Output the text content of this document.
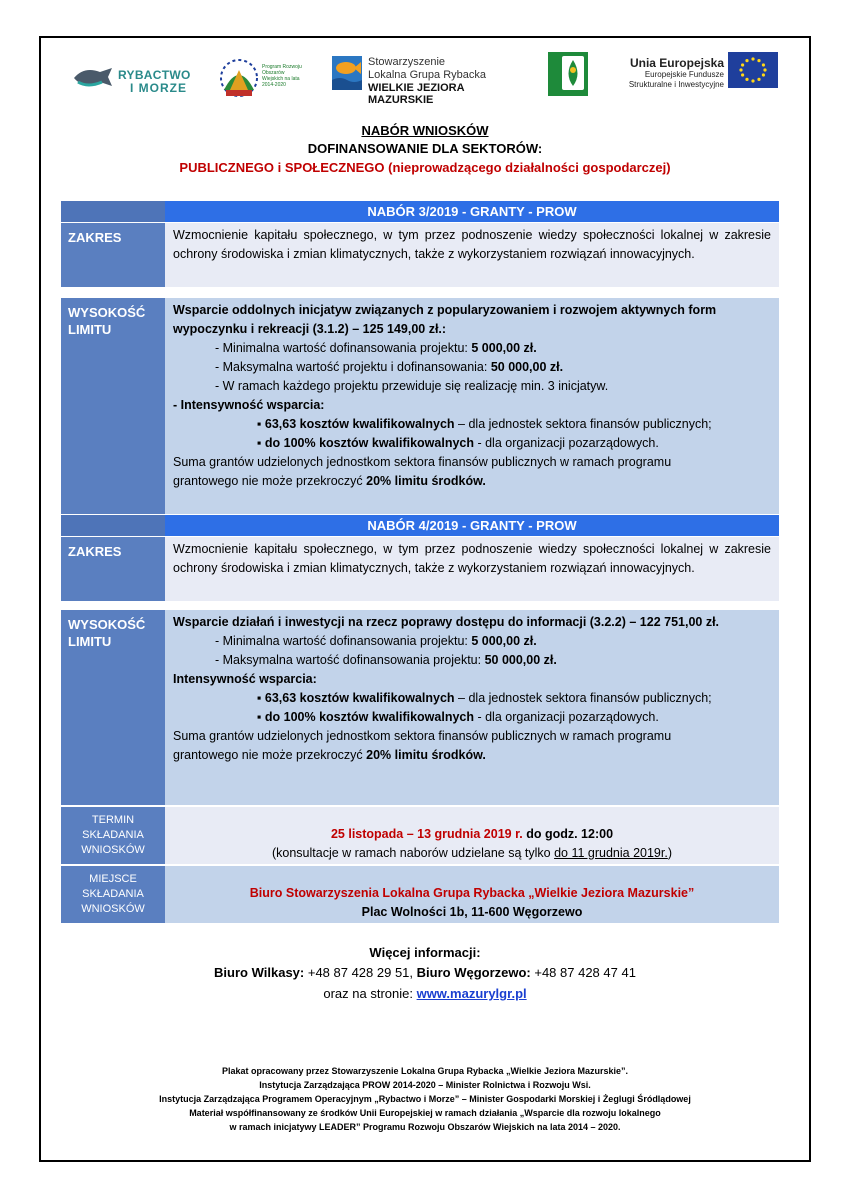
RYBACTWO
I MORZE
Program Rozwoju Obszarów Wiejskich na lata 2014-2020
Stowarzyszenie
Lokalna Grupa Rybacka
WIELKIE JEZIORA MAZURSKIE
Unia Europejska
Europejskie Fundusze
Strukturalne i Inwestycyjne
NABÓR WNIOSKÓW
DOFINANSOWANIE DLA SEKTORÓW:
PUBLICZNEGO i SPOŁECZNEGO (nieprowadzącego działalności gospodarczej)
NABÓR 3/2019 - GRANTY - PROW
ZAKRES	Wzmocnienie kapitału społecznego, w tym przez podnoszenie wiedzy społeczności lokalnej w zakresie ochrony środowiska i zmian klimatycznych, także z wykorzystaniem rozwiązań innowacyjnych.
WYSOKOŚĆ
LIMITU
Wsparcie oddolnych inicjatyw związanych z popularyzowaniem i rozwojem aktywnych form wypoczynku i rekreacji (3.1.2) – 125 149,00 zł.:
- Minimalna wartość dofinansowania projektu: 5 000,00 zł.
- Maksymalna wartość projektu i dofinansowania: 50 000,00 zł.
- W ramach każdego projektu przewiduje się realizację min. 3 inicjatyw.
- Intensywność wsparcia:
▪ 63,63 kosztów kwalifikowalnych – dla jednostek sektora finansów publicznych;
▪ do 100% kosztów kwalifikowalnych - dla organizacji pozarządowych.
Suma grantów udzielonych jednostkom sektora finansów publicznych w ramach programu
grantowego nie może przekroczyć 20% limitu środków.
NABÓR 4/2019 - GRANTY - PROW
ZAKRES	Wzmocnienie kapitału społecznego, w tym przez podnoszenie wiedzy społeczności lokalnej w zakresie ochrony środowiska i zmian klimatycznych, także z wykorzystaniem rozwiązań innowacyjnych.
WYSOKOŚĆ
LIMITU
Wsparcie działań i inwestycji na rzecz poprawy dostępu do informacji (3.2.2) – 122 751,00 zł.
- Minimalna wartość dofinansowania projektu: 5 000,00 zł.
- Maksymalna wartość dofinansowania projektu: 50 000,00 zł.
Intensywność wsparcia:
▪ 63,63 kosztów kwalifikowalnych – dla jednostek sektora finansów publicznych;
▪ do 100% kosztów kwalifikowalnych - dla organizacji pozarządowych.
Suma grantów udzielonych jednostkom sektora finansów publicznych w ramach programu
grantowego nie może przekroczyć 20% limitu środków.
TERMIN
SKŁADANIA
WNIOSKÓW
25 listopada – 13 grudnia 2019 r. do godz. 12:00
(konsultacje w ramach naborów udzielane są tylko do 11 grudnia 2019r.)
MIEJSCE
SKŁADANIA
WNIOSKÓW
Biuro Stowarzyszenia Lokalna Grupa Rybacka „Wielkie Jeziora Mazurskie”
Plac Wolności 1b, 11-600 Węgorzewo
Więcej informacji:
Biuro Wilkasy: +48 87 428 29 51, Biuro Węgorzewo: +48 87 428 47 41
oraz na stronie: www.mazurylgr.pl
Plakat opracowany przez Stowarzyszenie Lokalna Grupa Rybacka „Wielkie Jeziora Mazurskie”.
Instytucja Zarządzająca PROW 2014-2020 – Minister Rolnictwa i Rozwoju Wsi.
Instytucja Zarządzająca Programem Operacyjnym „Rybactwo i Morze” – Minister Gospodarki Morskiej i Żeglugi Śródlądowej
Materiał współfinansowany ze środków Unii Europejskiej w ramach działania „Wsparcie dla rozwoju lokalnego
w ramach inicjatywy LEADER” Programu Rozwoju Obszarów Wiejskich na lata 2014 – 2020.
